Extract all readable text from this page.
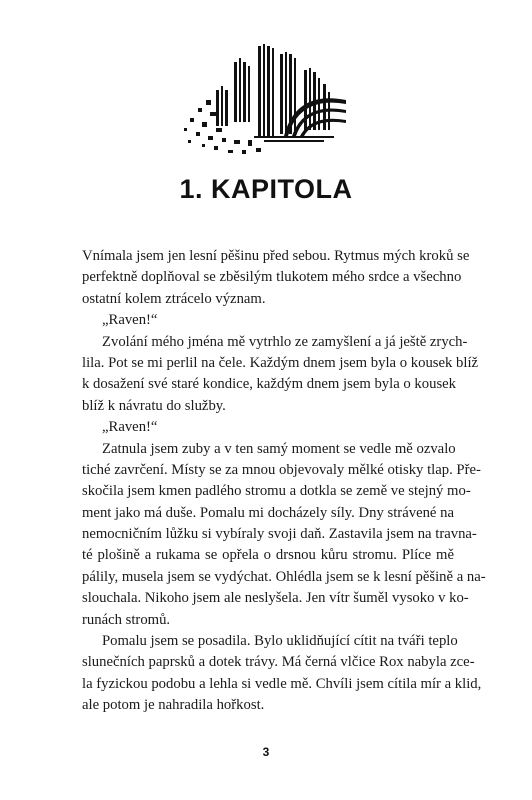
1. KAPITOLA
Vnímala jsem jen lesní pěšinu před sebou. Rytmus mých kroků se
perfektně doplňoval se zběsilým tlukotem mého srdce a všechno
ostatní kolem ztrácelo význam.
„Raven!“
Zvolání mého jména mě vytrhlo ze zamyšlení a já ještě zrych-
lila. Pot se mi perlil na čele. Každým dnem jsem byla o kousek blíž
k dosažení své staré kondice, každým dnem jsem byla o kousek
blíž k návratu do služby.
„Raven!“
Zatnula jsem zuby a v ten samý moment se vedle mě ozvalo
tiché zavrčení. Místy se za mnou objevovaly mělké otisky tlap. Pře-
skočila jsem kmen padlého stromu a dotkla se země ve stejný mo-
ment jako má duše. Pomalu mi docházely síly. Dny strávené na
nemocničním lůžku si vybíraly svoji daň. Zastavila jsem na travna-
té plošině a rukama se opřela o drsnou kůru stromu. Plíce mě
pálily, musela jsem se vydýchat. Ohlédla jsem se k lesní pěšině a na-
slouchala. Nikoho jsem ale neslyšela. Jen vítr šuměl vysoko v ko-
runách stromů.
Pomalu jsem se posadila. Bylo uklidňující cítit na tváři teplo
slunečních paprsků a dotek trávy. Má černá vlčice Rox nabyla zce-
la fyzickou podobu a lehla si vedle mě. Chvíli jsem cítila mír a klid,
ale potom je nahradila hořkost.
3
